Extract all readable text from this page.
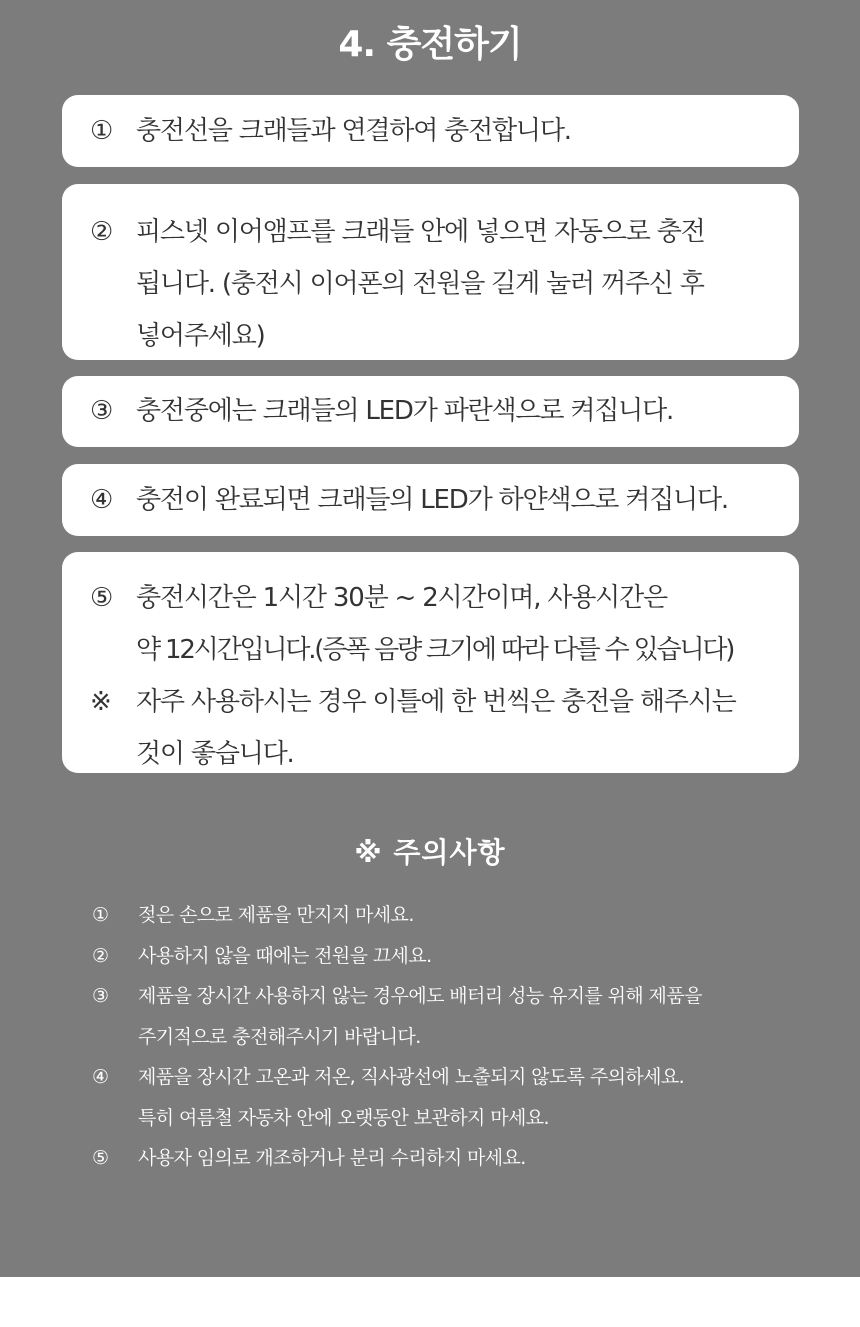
4. 충전하기
① 충전선을 크래들과 연결하여 충전합니다.
② 피스넷 이어앰프를 크래들 안에 넣으면 자동으로 충전
됩니다. (충전시 이어폰의 전원을 길게 눌러 꺼주신 후
넣어주세요)
③ 충전중에는 크래들의 LED가 파란색으로 켜집니다.
④ 충전이 완료되면 크래들의 LED가 하얀색으로 켜집니다.
⑤ 충전시간은 1시간 30분 ~ 2시간이며, 사용시간은
약 12시간입니다.(증폭 음량 크기에 따라 다를 수 있습니다)
※ 자주 사용하시는 경우 이틀에 한 번씩은 충전을 해주시는
것이 좋습니다.
※ 주의사항
①	젖은 손으로 제품을 만지지 마세요.
②	사용하지 않을 때에는 전원을 끄세요.
③	제품을 장시간 사용하지 않는 경우에도 배터리 성능 유지를 위해 제품을
주기적으로 충전해주시기 바랍니다.
④	제품을 장시간 고온과 저온, 직사광선에 노출되지 않도록 주의하세요.
특히 여름철 자동차 안에 오랫동안 보관하지 마세요.
⑤	사용자 임의로 개조하거나 분리 수리하지 마세요.
